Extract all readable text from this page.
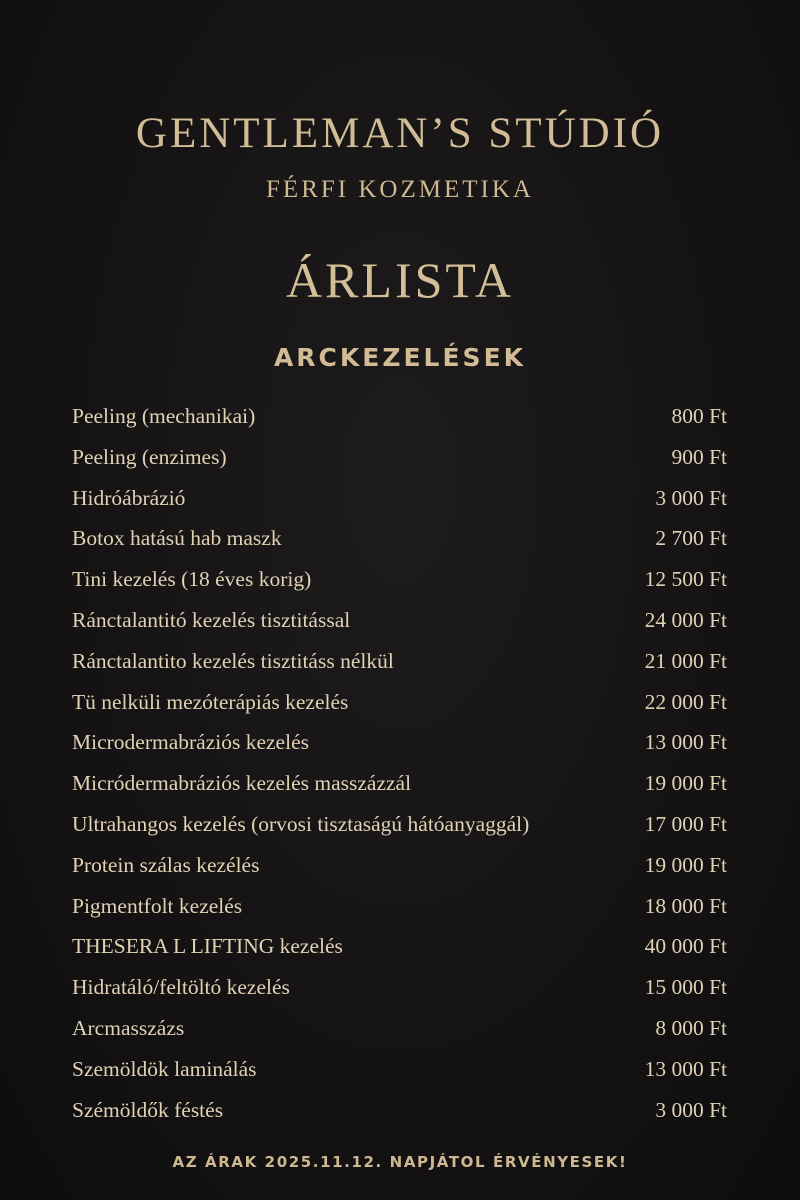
GENTLEMAN’S STÚDIÓ
FÉRFI KOZMETIKA
ÁRLISTA
ARCKEZELÉSEK
Peeling (mechanikai)	800 Ft
Peeling (enzimes)	900 Ft
Hidróábrázió	3 000 Ft
Botox hatású hab maszk	2 700 Ft
Tini kezelés (18 éves korig)	12 500 Ft
Ránctalantitó kezelés tisztitással	24 000 Ft
Ránctalantito kezelés tisztitáss nélkül	21 000 Ft
Tü nelküli mezóterápiás kezelés	22 000 Ft
Microdermabráziós kezelés	13 000 Ft
Micródermabráziós kezelés masszázzál	19 000 Ft
Ultrahangos kezelés (orvosi tisztaságú hátóanyaggál)	17 000 Ft
Protein szálas kezélés	19 000 Ft
Pigmentfolt kezelés	18 000 Ft
THESERA L LIFTING kezelés	40 000 Ft
Hidratáló/feltöltó kezelés	15 000 Ft
Arcmasszázs	8 000 Ft
Szemöldök laminálás	13 000 Ft
Szémöldők féstés	3 000 Ft
AZ ÁRAK 2025.11.12. NAPJÁTOL ÉRVÉNYESEK!
